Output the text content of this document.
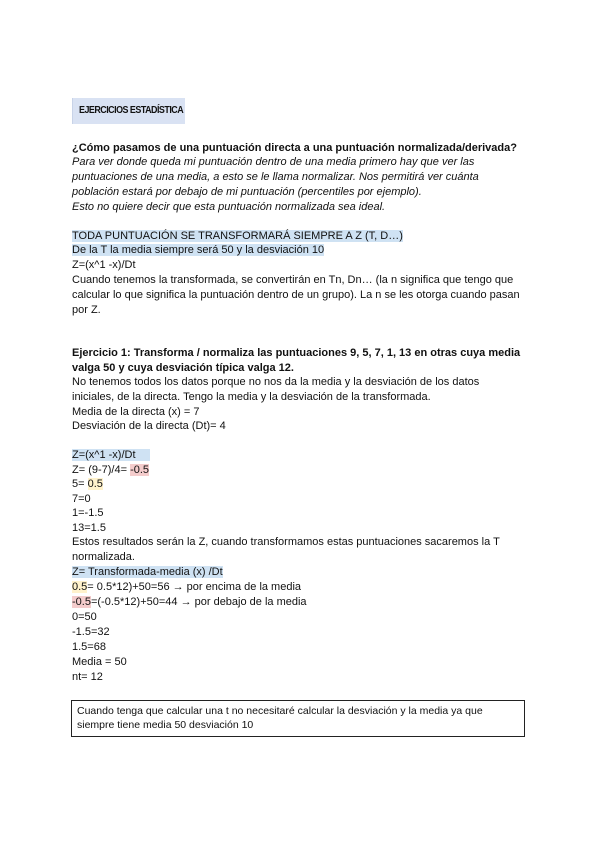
EJERCICIOS ESTADÍSTICA
¿Cómo pasamos de una puntuación directa a una puntuación normalizada/derivada?
Para ver donde queda mi puntuación dentro de una media primero hay que ver las
puntuaciones de una media, a esto se le llama normalizar. Nos permitirá ver cuánta
población estará por debajo de mi puntuación (percentiles por ejemplo).
Esto no quiere decir que esta puntuación normalizada sea ideal.
TODA PUNTUACIÓN SE TRANSFORMARÁ SIEMPRE A Z (T, D…)
De la T la media siempre será 50 y la desviación 10
Z=(x^1 -x)/Dt
Cuando tenemos la transformada, se convertirán en Tn, Dn… (la n significa que tengo que
calcular lo que significa la puntuación dentro de un grupo). La n se les otorga cuando pasan
por Z.
Ejercicio 1: Transforma / normaliza las puntuaciones 9, 5, 7, 1, 13 en otras cuya media
valga 50 y cuya desviación típica valga 12.
No tenemos todos los datos porque no nos da la media y la desviación de los datos
iniciales, de la directa. Tengo la media y la desviación de la transformada.
Media de la directa (x) = 7
Desviación de la directa (Dt)= 4
Z=(x^1 -x)/Dt
Z= (9-7)/4= -0.5
5= 0.5
7=0
1=-1.5
13=1.5
Estos resultados serán la Z, cuando transformamos estas puntuaciones sacaremos la T
normalizada.
Z= Transformada-media (x) /Dt
0.5= 0.5*12)+50=56 → por encima de la media
-0.5=(-0.5*12)+50=44 → por debajo de la media
0=50
-1.5=32
1.5=68
Media = 50
nt= 12
Cuando tenga que calcular una t no necesitaré calcular la desviación y la media ya que
siempre tiene media 50 desviación 10
